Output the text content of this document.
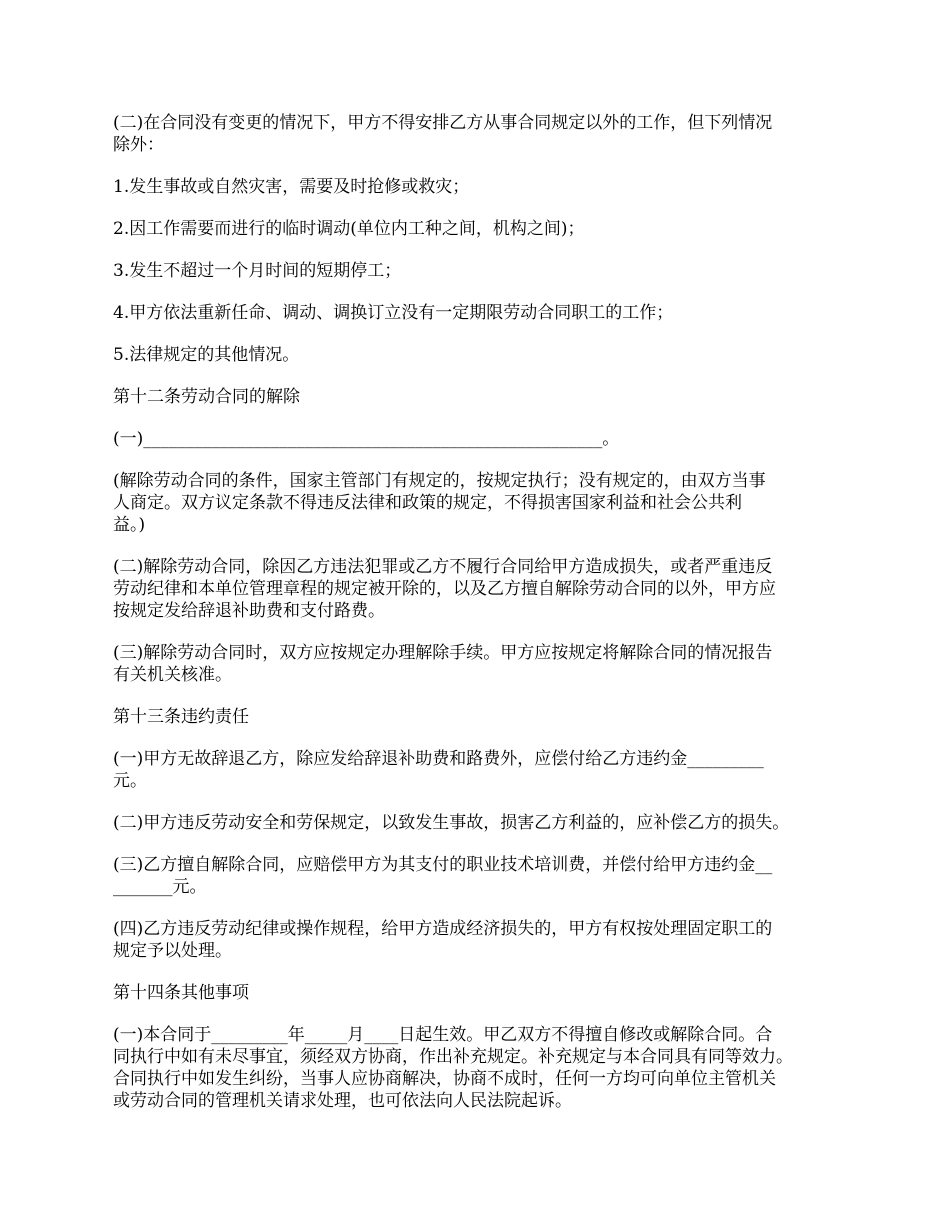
(二)在合同没有变更的情况下，甲方不得安排乙方从事合同规定以外的工作，但下列情况
除外：

1.发生事故或自然灾害，需要及时抢修或救灾；

2.因工作需要而进行的临时调动(单位内工种之间，机构之间)；

3.发生不超过一个月时间的短期停工；

4.甲方依法重新任命、调动、调换订立没有一定期限劳动合同职工的工作；

5.法律规定的其他情况。

第十二条劳动合同的解除

(一)______________________________________________________。

(解除劳动合同的条件，国家主管部门有规定的，按规定执行；没有规定的，由双方当事
人商定。双方议定条款不得违反法律和政策的规定，不得损害国家利益和社会公共利
益。)

(二)解除劳动合同，除因乙方违法犯罪或乙方不履行合同给甲方造成损失，或者严重违反
劳动纪律和本单位管理章程的规定被开除的，以及乙方擅自解除劳动合同的以外，甲方应
按规定发给辞退补助费和支付路费。

(三)解除劳动合同时，双方应按规定办理解除手续。甲方应按规定将解除合同的情况报告
有关机关核准。

第十三条违约责任

(一)甲方无故辞退乙方，除应发给辞退补助费和路费外，应偿付给乙方违约金_________
元。

(二)甲方违反劳动安全和劳保规定，以致发生事故，损害乙方利益的，应补偿乙方的损失。

(三)乙方擅自解除合同，应赔偿甲方为其支付的职业技术培训费，并偿付给甲方违约金__
_______元。

(四)乙方违反劳动纪律或操作规程，给甲方造成经济损失的，甲方有权按处理固定职工的
规定予以处理。

第十四条其他事项

(一)本合同于_________年_____月____日起生效。甲乙双方不得擅自修改或解除合同。合
同执行中如有未尽事宜，须经双方协商，作出补充规定。补充规定与本合同具有同等效力。
合同执行中如发生纠纷，当事人应协商解决，协商不成时，任何一方均可向单位主管机关
或劳动合同的管理机关请求处理，也可依法向人民法院起诉。
